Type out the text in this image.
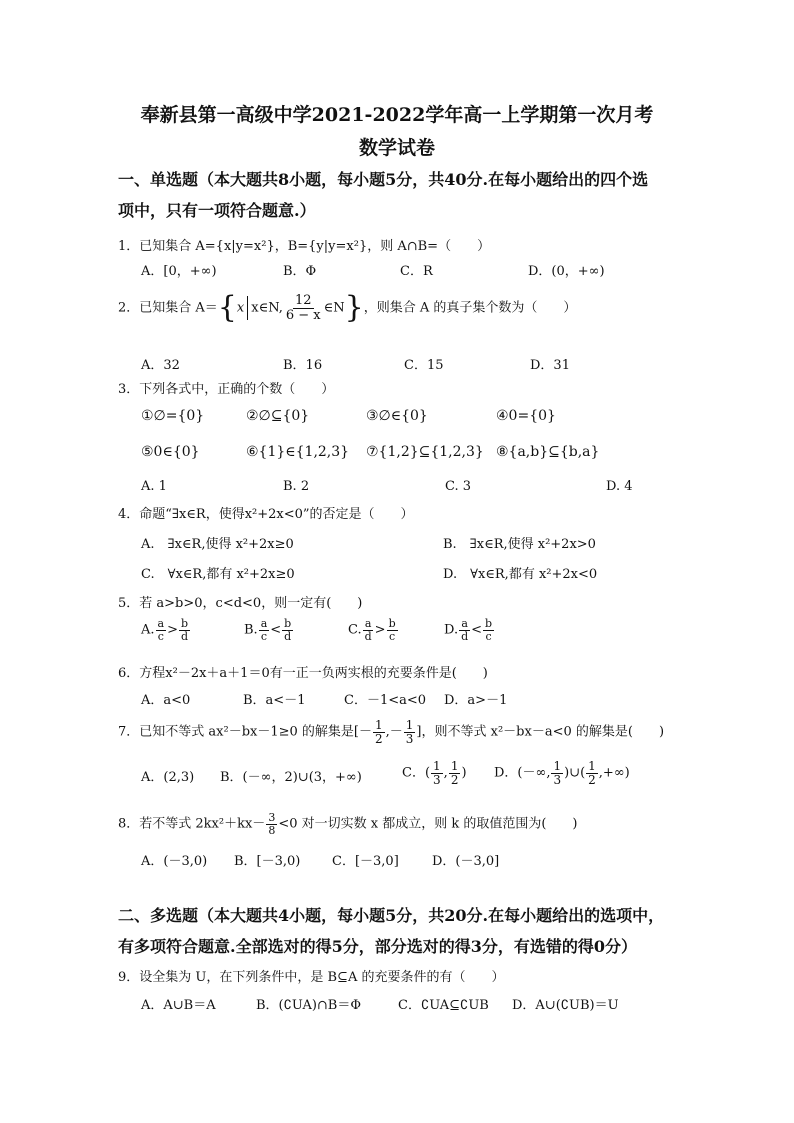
奉新县第一高级中学2021-2022学年高一上学期第一次月考
数学试卷
一、单选题（本大题共8小题，每小题5分，共40分.在每小题给出的四个选
项中，只有一项符合题意.）
1．已知集合 A={x|y=x²}，B={y|y=x²}，则 A∩B=（　　）
A．[0，+∞)	B．Φ	C．R	D．(0，+∞)
2．已知集合 A＝{x x∈N, $\frac{12}{6 - x}$ ∈N}，则集合 A 的真子集个数为（　　）
A．32	B．16	C．15	D．31
3．下列各式中，正确的个数（　　）
①∅={0}	②∅⊆{0}	③∅∈{0}	④0={0}
⑤0∈{0}	⑥{1}∈{1,2,3} ⑦{1,2}⊆{1,2,3} ⑧{a,b}⊆{b,a}
A. 1	B. 2	C. 3	D. 4
4．命题“∃x∈R，使得x²+2x<0”的否定是（　　）
A.　∃x∈R,使得 x²+2x≥0	B.　∃x∈R,使得 x²+2x>0
C.　∀x∈R,都有 x²+2x≥0	D.　∀x∈R,都有 x²+2x<0
5．若 a>b>0，c<d<0，则一定有(　　)
A. $\frac{a}{c} > \frac{b}{d}$	B. $\frac{a}{c} < \frac{b}{d}$	C. $\frac{a}{d} > \frac{b}{c}$	D. $\frac{a}{d} < \frac{b}{c}$
6．方程x²－2x＋a＋1＝0有一正一负两实根的充要条件是(　　)
A．a<0	B．a<－1	C．－1<a<0 D．a>－1
7．已知不等式 ax²－bx－1≥0 的解集是[－ $\frac{1}{2}$ ,－ $\frac{1}{3}$ ]，则不等式 x²－bx－a<0 的解集是(　　)
A．(2,3) B．(－∞，2)∪(3，+∞)	C．( $\frac{1}{3}$ , $\frac{1}{2}$ ) D．(－∞, $\frac{1}{3}$ )∪( $\frac{1}{2}$ ,+∞)
8．若不等式 $2kx^2+kx- \frac{3}{8} <0$ 对一切实数 x 都成立，则 k 的取值范围为(　　)
A．(－3,0) B．[－3,0) C．[－3,0]	D．(－3,0]
二、多选题（本大题共4小题，每小题5分，共20分.在每小题给出的选项中，
有多项符合题意.全部选对的得5分，部分选对的得3分，有选错的得0分）
9．设全集为 U，在下列条件中，是 B⊆A 的充要条件的有（　　）
A．A∪B＝A	B．(∁UA)∩B＝Φ	C．∁UA⊆∁UB D．A∪(∁UB)＝U
